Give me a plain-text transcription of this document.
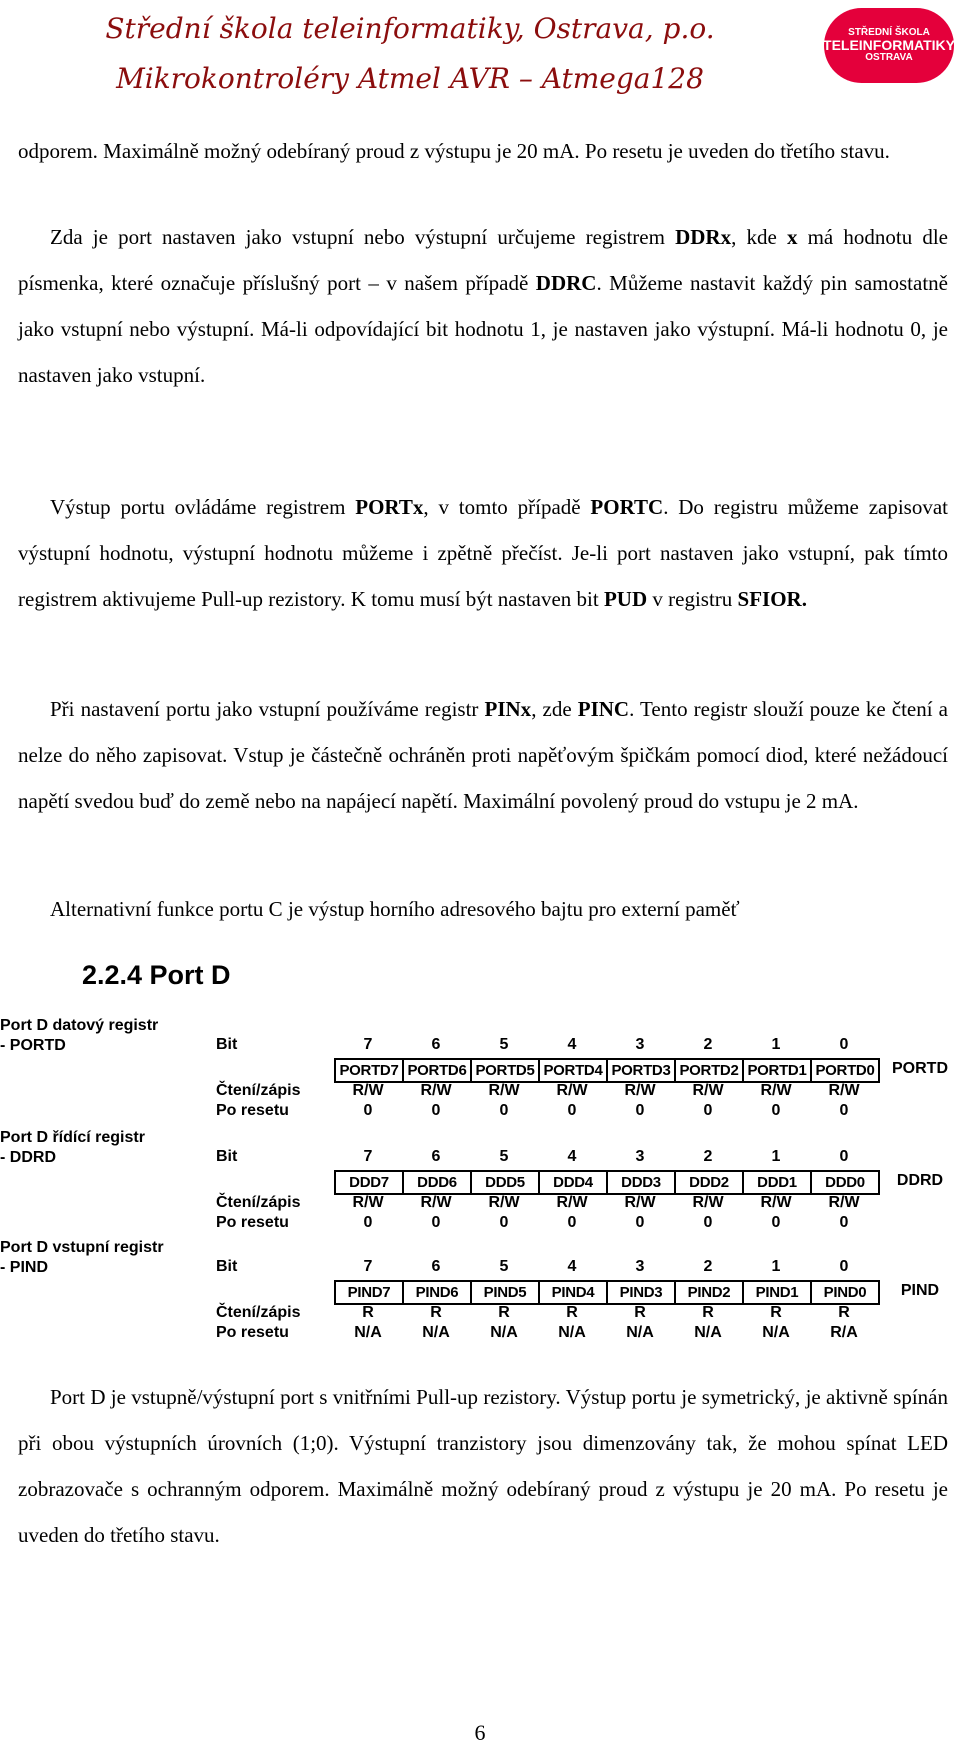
Střední škola teleinformatiky, Ostrava, p.o.
Mikrokontroléry Atmel AVR – Atmega128
STŘEDNÍ ŠKOLA
TELEINFORMATIKY
OSTRAVA

odporem. Maximálně možný odebíraný proud z výstupu je 20 mA. Po resetu je uveden do třetího stavu.

Zda je port nastaven jako vstupní nebo výstupní určujeme registrem DDRx, kde x má hodnotu dle písmenka, které označuje příslušný port – v našem případě DDRC. Můžeme nastavit každý pin samostatně jako vstupní nebo výstupní. Má-li odpovídající bit hodnotu 1, je nastaven jako výstupní. Má-li hodnotu 0, je nastaven jako vstupní.

Výstup portu ovládáme registrem PORTx, v tomto případě PORTC. Do registru můžeme zapisovat výstupní hodnotu, výstupní hodnotu můžeme i zpětně přečíst. Je-li port nastaven jako vstupní, pak tímto registrem aktivujeme Pull-up rezistory. K tomu musí být nastaven bit PUD v registru SFIOR.

Při nastavení portu jako vstupní používáme registr PINx, zde PINC. Tento registr slouží pouze ke čtení a nelze do něho zapisovat. Vstup je částečně ochráněn proti napěťovým špičkám pomocí diod, které nežádoucí napětí svedou buď do země nebo na napájecí napětí. Maximální povolený proud do vstupu je 2 mA.

Alternativní funkce portu C je výstup horního adresového bajtu pro externí paměť

2.2.4 Port D
Port D datový registr
- PORTD	Bit	7	6	5	4	3	2	1	0
PORTD7 PORTD6 PORTD5 PORTD4 PORTD3 PORTD2 PORTD1 PORTD0	PORTD
Čtení/zápis	R/W	R/W	R/W	R/W	R/W	R/W	R/W	R/W
Po resetu	0	0	0	0	0	0	0	0
Port D řídící registr
- DDRD	Bit	7	6	5	4	3	2	1	0
DDD7	DDD6	DDD5	DDD4	DDD3	DDD2	DDD1	DDD0	DDRD
Čtení/zápis	R/W	R/W	R/W	R/W	R/W	R/W	R/W	R/W
Po resetu	0	0	0	0	0	0	0	0
Port D vstupní registr
- PIND	Bit	7	6	5	4	3	2	1	0
PIND7	PIND6	PIND5	PIND4	PIND3	PIND2	PIND1	PIND0	PIND
Čtení/zápis	R	R	R	R	R	R	R	R
Po resetu	N/A	N/A	N/A	N/A	N/A	N/A	N/A	R/A

Port D je vstupně/výstupní port s vnitřními Pull-up rezistory. Výstup portu je symetrický, je aktivně spínán při obou výstupních úrovních (1;0). Výstupní tranzistory jsou dimenzovány tak, že mohou spínat LED zobrazovače s ochranným odporem. Maximálně možný odebíraný proud z výstupu je 20 mA. Po resetu je uveden do třetího stavu.

6
